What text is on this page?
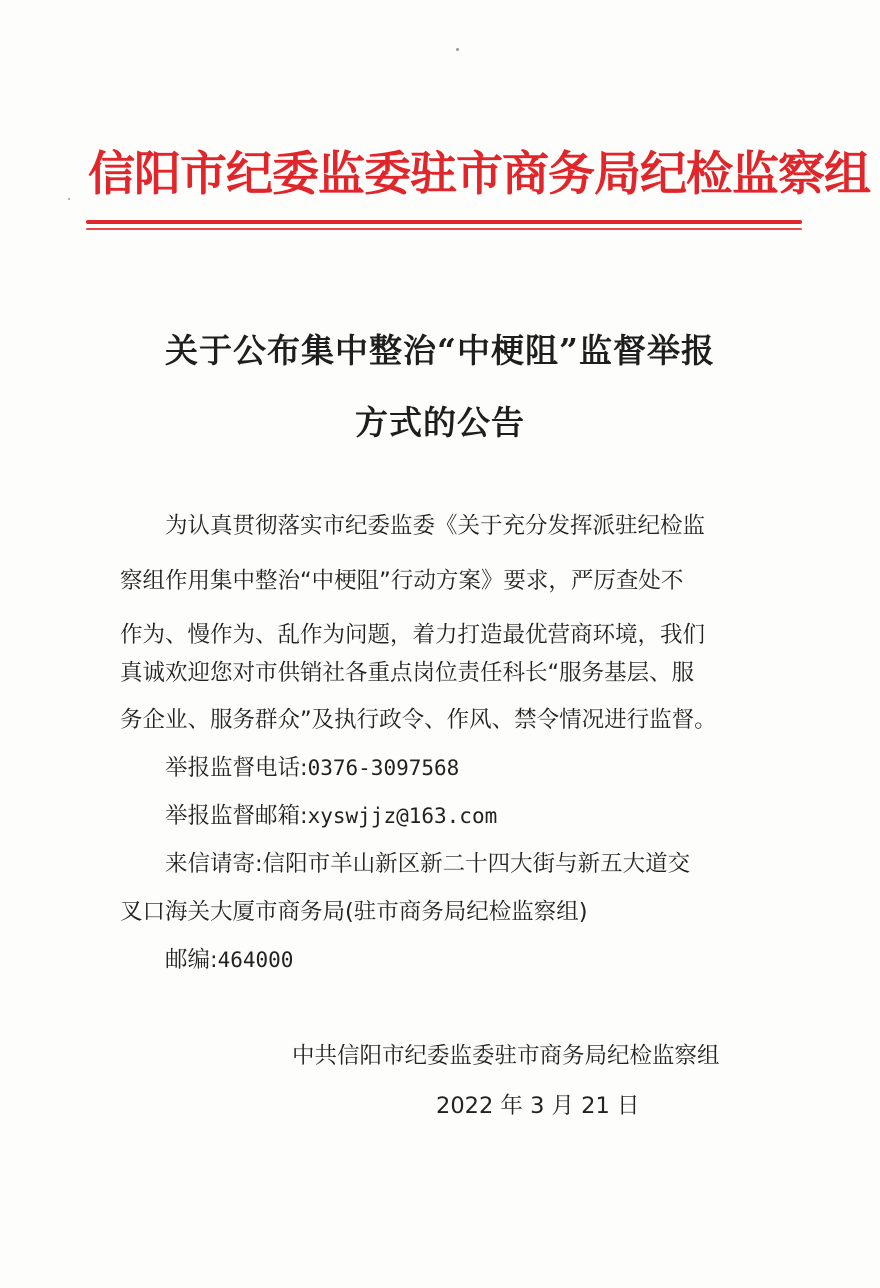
信阳市纪委监委驻市商务局纪检监察组
关于公布集中整治“中梗阻”监督举报
方式的公告
为认真贯彻落实市纪委监委《关于充分发挥派驻纪检监
察组作用集中整治“中梗阻”行动方案》要求，严厉查处不
作为、慢作为、乱作为问题，着力打造最优营商环境，我们
真诚欢迎您对市供销社各重点岗位责任科长“服务基层、服
务企业、服务群众”及执行政令、作风、禁令情况进行监督。
举报监督电话:0376-3097568
举报监督邮箱:xyswjjz@163.com
来信请寄:信阳市羊山新区新二十四大街与新五大道交
叉口海关大厦市商务局(驻市商务局纪检监察组)
邮编:464000
中共信阳市纪委监委驻市商务局纪检监察组
2022 年 3 月 21 日
